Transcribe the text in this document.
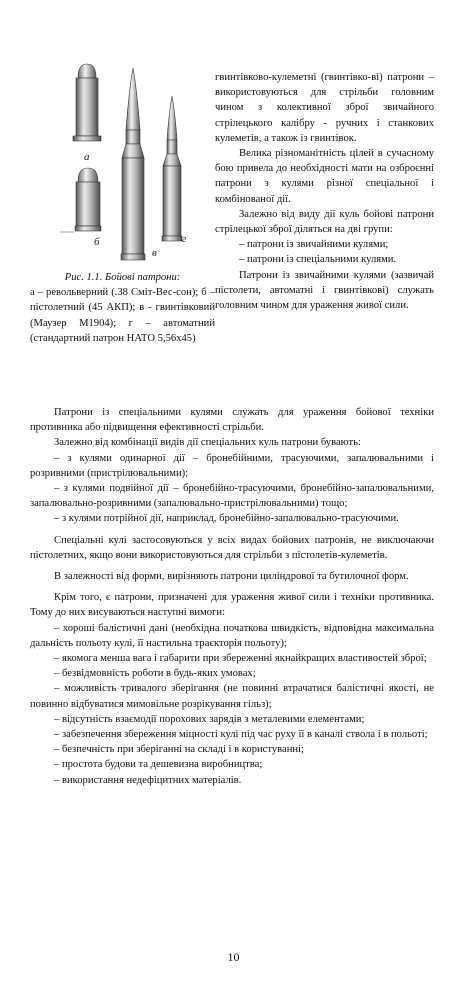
а
б
в
г

Рис. 1.1. Бойові патрони:

а – револьверний (.38 Сміт-Вес-сон); б – пістолетний (45 АКП); в - гвинтівковий (Маузер М1904); г – автоматний (стандартний патрон НАТО 5,56х45)

гвинтівково-кулеметні (гвинтівко-ві) патрони – використовуються для стрільби головним чином з колективної зброї звичайного стрілецького калібру - ручних і станкових кулеметів, а також із гвинтівок.

Велика різноманітність цілей в сучасному бою привела до необхідності мати на озброєнні патрони з кулями різної спеціальної і комбінованої дії.

Залежно від виду дії куль бойові патрони стрілецької зброї діляться на дві групи:

– патрони із звичайними кулями;

– патрони із спеціальними кулями.

Патрони із звичайними кулями (зазвичай пістолети, автоматні і гвинтівкові) служать головним чином для ураження живої сили.

Патрони із спеціальними кулями служать для ураження бойової техніки противника або підвищення ефективності стрільби.

Залежно від комбінації видів дії спеціальних куль патрони бувають:

– з кулями одинарної дії – бронебійними, трасуючими, запалювальними і розривними (пристрілювальними);

– з кулями подвійної дії – бронебійно-трасуючими, бронебійно-запалювальними, запалювально-розривними (запалювально-пристрілювальними) тощо;

– з кулями потрійної дії, наприклад, бронебійно-запалювально-трасуючими.

Спеціальні кулі застосовуються у всіх видах бойових патронів, не виключаючи пістолетних, якщо вони використовуються для стрільби з пістолетів-кулеметів.

В залежності від форми, вирізняють патрони циліндрової та бутилочної форм.

Крім того, є патрони, призначені для ураження живої сили і техніки противника. Тому до них висуваються наступні вимоги:

– хороші балістичні дані (необхідна початкова швидкість, відповідна максимальна дальність польоту кулі, її настильна траєкторія польоту);

– якомога менша вага і габарити при збереженні якнайкращих властивостей зброї;

– безвідмовність роботи в будь-яких умовах;

– можливість тривалого зберігання (не повинні втрачатися балістичні якості, не повинно відбуватися мимовільне розрікування гільз);

– відсутність взаємодії порохових зарядів з металевими елементами;

– забезпечення збереження міцності кулі під час руху її в каналі ствола і в польоті;

– безпечність при зберіганні на складі і в користуванні;

– простота будови та дешевизна виробництва;

– використання недефіцитних матеріалів.

10
